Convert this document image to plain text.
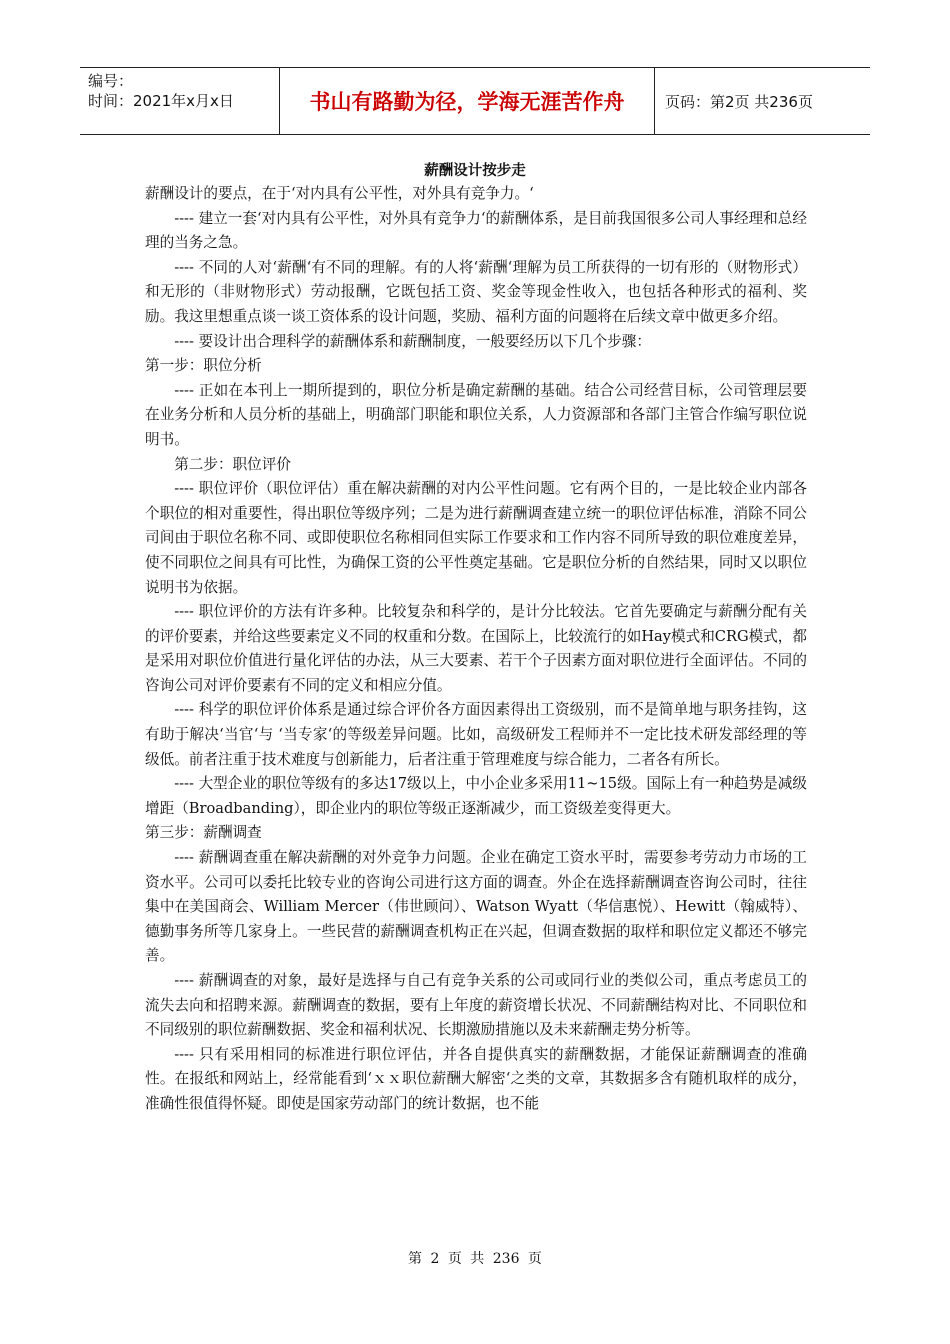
编号：
时间：2021年x月x日	书山有路勤为径，学海无涯苦作舟	页码：第2页 共236页
薪酬设计按步走

薪酬设计的要点，在于‘对内具有公平性，对外具有竞争力。‘

---- 建立一套‘对内具有公平性，对外具有竞争力‘的薪酬体系，是目前我国很多公司人事经理和总经理的当务之急。

---- 不同的人对‘薪酬‘有不同的理解。有的人将‘薪酬‘理解为员工所获得的一切有形的（财物形式）和无形的（非财物形式）劳动报酬，它既包括工资、奖金等现金性收入，也包括各种形式的福利、奖励。我这里想重点谈一谈工资体系的设计问题，奖励、福利方面的问题将在后续文章中做更多介绍。

---- 要设计出合理科学的薪酬体系和薪酬制度，一般要经历以下几个步骤：

第一步：职位分析

---- 正如在本刊上一期所提到的，职位分析是确定薪酬的基础。结合公司经营目标，公司管理层要在业务分析和人员分析的基础上，明确部门职能和职位关系，人力资源部和各部门主管合作编写职位说明书。

第二步：职位评价

---- 职位评价（职位评估）重在解决薪酬的对内公平性问题。它有两个目的，一是比较企业内部各个职位的相对重要性，得出职位等级序列；二是为进行薪酬调查建立统一的职位评估标准，消除不同公司间由于职位名称不同、或即使职位名称相同但实际工作要求和工作内容不同所导致的职位难度差异，使不同职位之间具有可比性，为确保工资的公平性奠定基础。它是职位分析的自然结果，同时又以职位说明书为依据。

---- 职位评价的方法有许多种。比较复杂和科学的，是计分比较法。它首先要确定与薪酬分配有关的评价要素，并给这些要素定义不同的权重和分数。在国际上，比较流行的如Hay模式和CRG模式，都是采用对职位价值进行量化评估的办法，从三大要素、若干个子因素方面对职位进行全面评估。不同的咨询公司对评价要素有不同的定义和相应分值。

---- 科学的职位评价体系是通过综合评价各方面因素得出工资级别，而不是简单地与职务挂钩，这有助于解决‘当官‘与 ‘当专家‘的等级差异问题。比如，高级研发工程师并不一定比技术研发部经理的等级低。前者注重于技术难度与创新能力，后者注重于管理难度与综合能力，二者各有所长。

---- 大型企业的职位等级有的多达17级以上，中小企业多采用11~15级。国际上有一种趋势是减级增距（Broadbanding），即企业内的职位等级正逐渐减少，而工资级差变得更大。

第三步：薪酬调查

---- 薪酬调查重在解决薪酬的对外竞争力问题。企业在确定工资水平时，需要参考劳动力市场的工资水平。公司可以委托比较专业的咨询公司进行这方面的调查。外企在选择薪酬调查咨询公司时，往往集中在美国商会、William Mercer（伟世顾问）、Watson Wyatt（华信惠悦）、Hewitt（翰威特）、德勤事务所等几家身上。一些民营的薪酬调查机构正在兴起，但调查数据的取样和职位定义都还不够完善。

---- 薪酬调查的对象，最好是选择与自己有竞争关系的公司或同行业的类似公司，重点考虑员工的流失去向和招聘来源。薪酬调查的数据，要有上年度的薪资增长状况、不同薪酬结构对比、不同职位和不同级别的职位薪酬数据、奖金和福利状况、长期激励措施以及未来薪酬走势分析等。

---- 只有采用相同的标准进行职位评估，并各自提供真实的薪酬数据，才能保证薪酬调查的准确性。在报纸和网站上，经常能看到‘ｘｘ职位薪酬大解密‘之类的文章，其数据多含有随机取样的成分，准确性很值得怀疑。即使是国家劳动部门的统计数据，也不能

第 2 页 共 236 页
